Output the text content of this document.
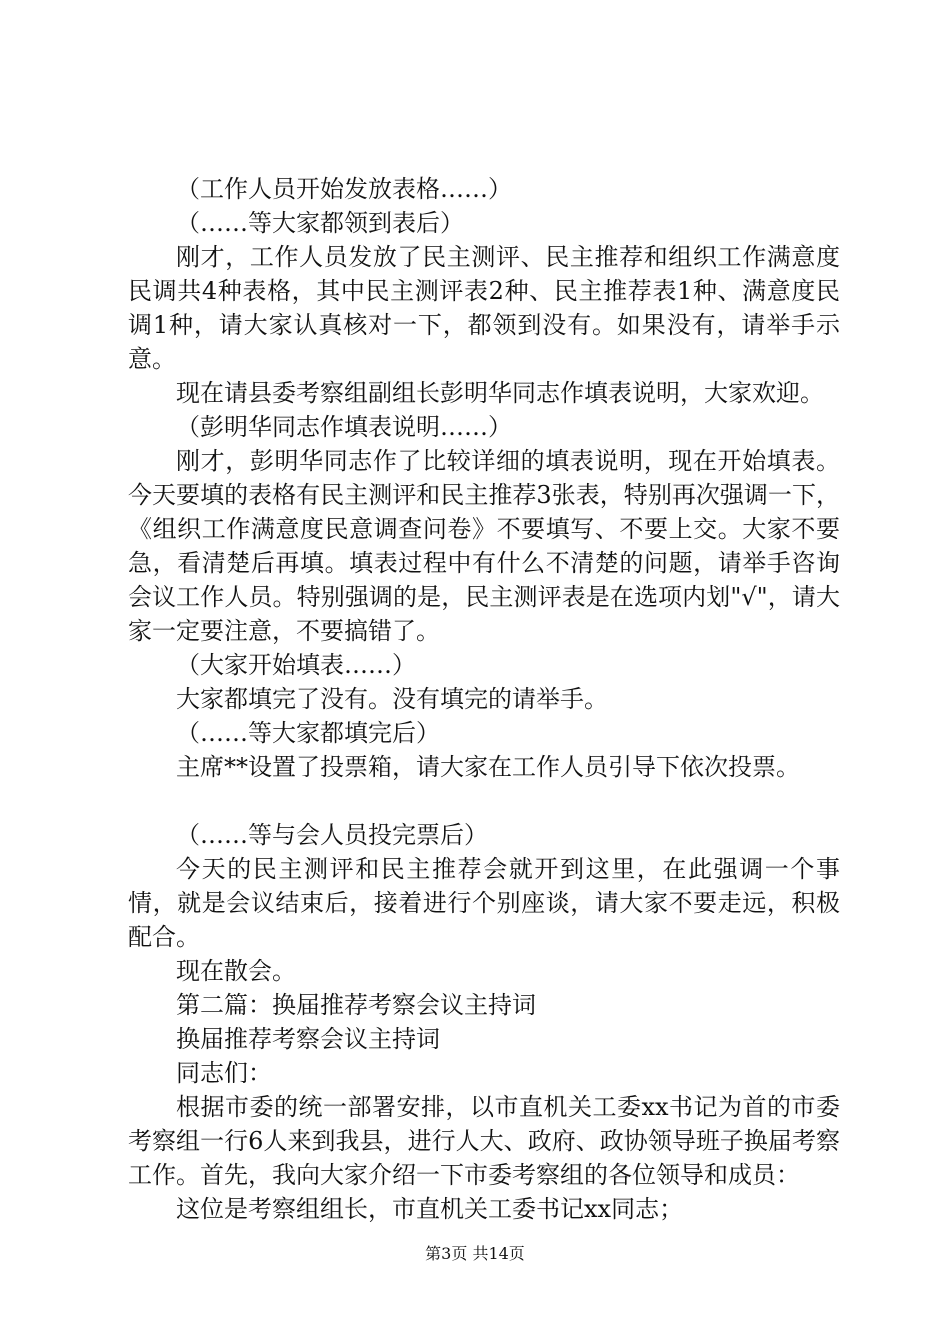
（工作人员开始发放表格……）

（……等大家都领到表后）

刚才，工作人员发放了民主测评、民主推荐和组织工作满意度民调共4种表格，其中民主测评表2种、民主推荐表1种、满意度民调1种，请大家认真核对一下，都领到没有。如果没有，请举手示意。

现在请县委考察组副组长彭明华同志作填表说明，大家欢迎。

（彭明华同志作填表说明……）

刚才，彭明华同志作了比较详细的填表说明，现在开始填表。今天要填的表格有民主测评和民主推荐3张表，特别再次强调一下，《组织工作满意度民意调查问卷》不要填写、不要上交。大家不要急，看清楚后再填。填表过程中有什么不清楚的问题，请举手咨询会议工作人员。特别强调的是，民主测评表是在选项内划"√"，请大家一定要注意，不要搞错了。

（大家开始填表……）

大家都填完了没有。没有填完的请举手。

（……等大家都填完后）

主席**设置了投票箱，请大家在工作人员引导下依次投票。

（……等与会人员投完票后）

今天的民主测评和民主推荐会就开到这里，在此强调一个事情，就是会议结束后，接着进行个别座谈，请大家不要走远，积极配合。

现在散会。

第二篇：换届推荐考察会议主持词

换届推荐考察会议主持词

同志们：

根据市委的统一部署安排，以市直机关工委xx书记为首的市委考察组一行6人来到我县，进行人大、政府、政协领导班子换届考察工作。首先，我向大家介绍一下市委考察组的各位领导和成员：

这位是考察组组长，市直机关工委书记xx同志；

第3页 共14页
